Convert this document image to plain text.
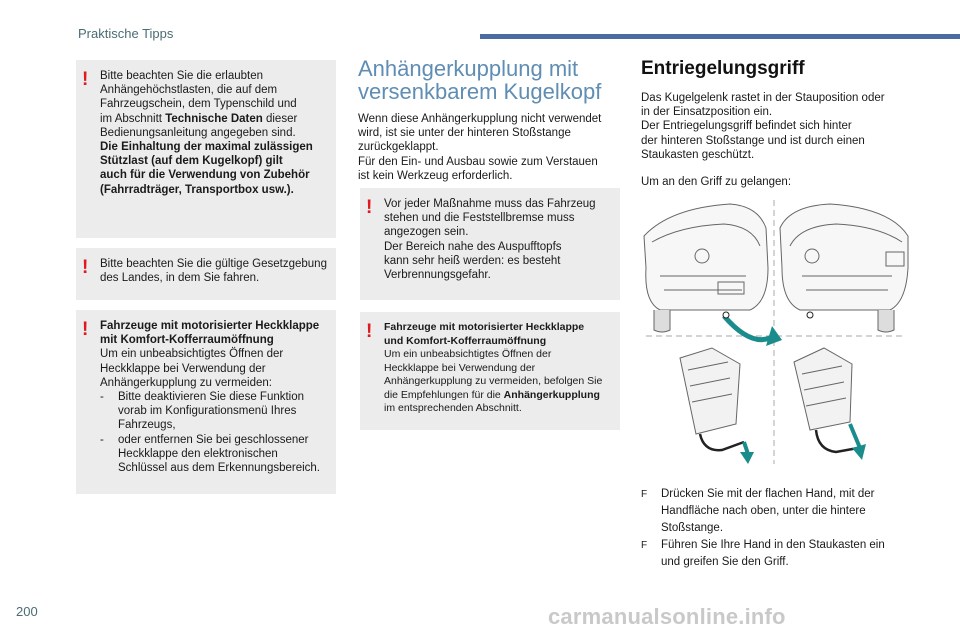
Praktische Tipps
! Bitte beachten Sie die erlaubten

Anhängehöchstlasten, die auf dem

Fahrzeugschein, dem Typenschild und

im Abschnitt Technische Daten dieser

Bedienungsanleitung angegeben sind.

Die Einhaltung der maximal zulässigen

Stützlast (auf dem Kugelkopf) gilt

auch für die Verwendung von Zubehör

(Fahrradträger, Transportbox usw.).

! Bitte beachten Sie die gültige Gesetzgebung

des Landes, in dem Sie fahren.

! Fahrzeuge mit motorisierter Heckklappe

mit Komfort-Kofferraumöffnung

Um ein unbeabsichtigtes Öffnen der

Heckklappe bei Verwendung der

Anhängerkupplung zu vermeiden:

-	Bitte deaktivieren Sie diese Funktion vorab im Konfigurationsmenü Ihres Fahrzeugs,
-	oder entfernen Sie bei geschlossener Heckklappe den elektronischen Schlüssel aus dem Erkennungsbereich.
Anhängerkupplung mit
versenkbarem Kugelkopf
Wenn diese Anhängerkupplung nicht verwendet
wird, ist sie unter der hinteren Stoßstange
zurückgeklappt.
Für den Ein- und Ausbau sowie zum Verstauen
ist kein Werkzeug erforderlich.
! Vor jeder Maßnahme muss das Fahrzeug

stehen und die Feststellbremse muss

angezogen sein.

Der Bereich nahe des Auspufftopfs

kann sehr heiß werden: es besteht

Verbrennungsgefahr.

! Fahrzeuge mit motorisierter Heckklappe

und Komfort-Kofferraumöffnung

Um ein unbeabsichtigtes Öffnen der

Heckklappe bei Verwendung der

Anhängerkupplung zu vermeiden, befolgen Sie

die Empfehlungen für die Anhängerkupplung

im entsprechenden Abschnitt.

Entriegelungsgriff
Das Kugelgelenk rastet in der Stauposition oder
in der Einsatzposition ein.
Der Entriegelungsgriff befindet sich hinter
der hinteren Stoßstange und ist durch einen
Staukasten geschützt.
Um an den Griff zu gelangen:
F	Drücken Sie mit der flachen Hand, mit der
Handfläche nach oben, unter die hintere
Stoßstange.
F	Führen Sie Ihre Hand in den Staukasten ein
und greifen Sie den Griff.
200	carmanualsonline.info
